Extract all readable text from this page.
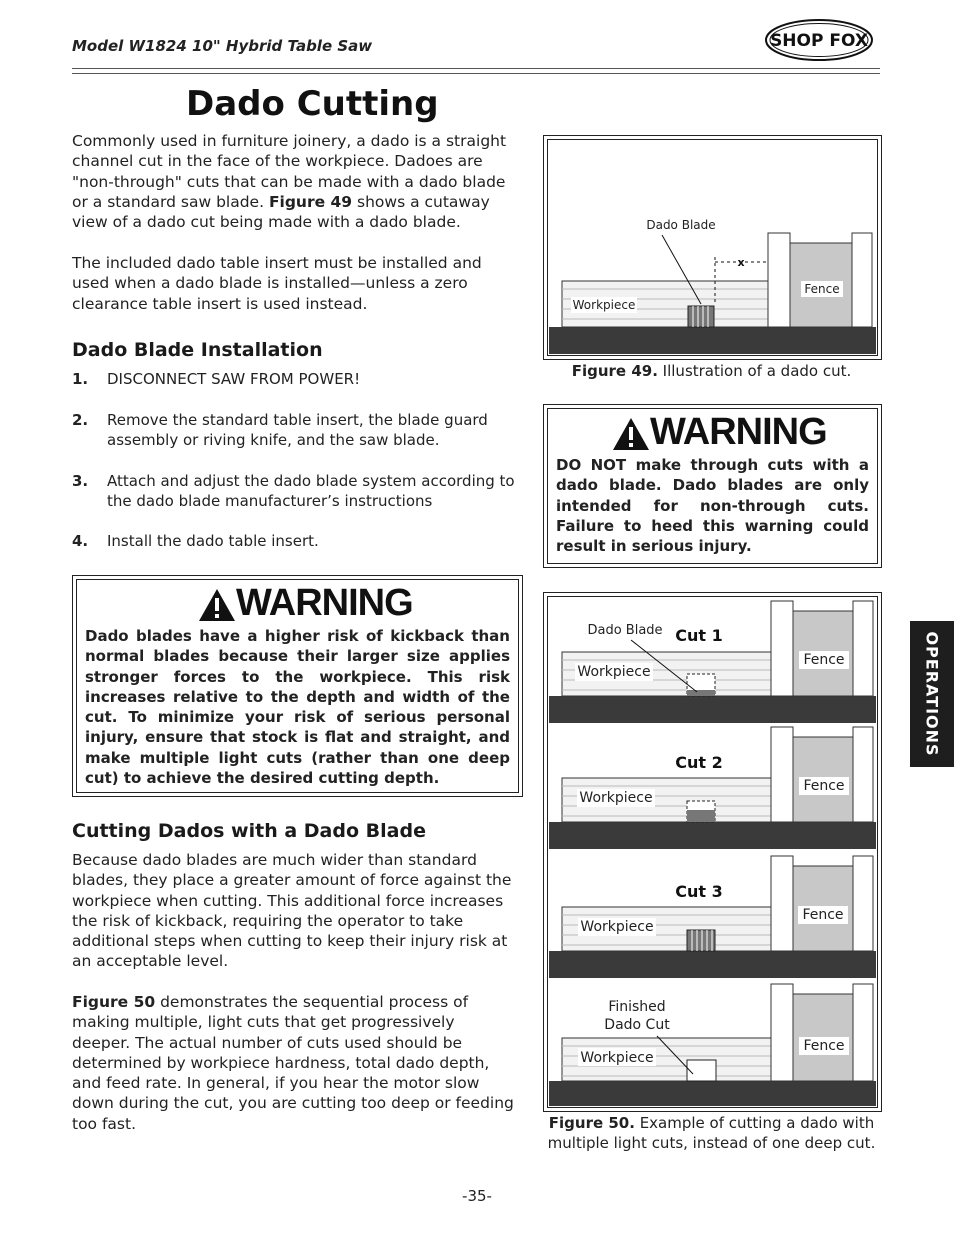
Model W1824 10" Hybrid Table Saw	SHOP FOX
Dado Cutting
Commonly used in furniture joinery, a dado is a straight channel cut in the face of the workpiece. Dadoes are "non-through" cuts that can be made with a dado blade or a standard saw blade. Figure 49 shows a cutaway view of a dado cut being made with a dado blade.
The included dado table insert must be installed and used when a dado blade is installed—unless a zero clearance table insert is used instead.
Dado Blade Installation
1. DISCONNECT SAW FROM POWER!
2. Remove the standard table insert, the blade guard assembly or riving knife, and the saw blade.
3. Attach and adjust the dado blade system according to the dado blade manufacturer’s instructions
4. Install the dado table insert.
WARNING
Dado blades have a higher risk of kickback than normal blades because their larger size applies stronger forces to the workpiece. This risk increases relative to the depth and width of the cut. To minimize your risk of serious personal injury, ensure that stock is flat and straight, and make multiple light cuts (rather than one deep cut) to achieve the desired cutting depth.
Cutting Dados with a Dado Blade
Because dado blades are much wider than standard blades, they place a greater amount of force against the workpiece when cutting. This additional force increases the risk of kickback, requiring the operator to take additional steps when cutting to keep their injury risk at an acceptable level.
Figure 50 demonstrates the sequential process of making multiple, light cuts that get progressively deeper. The actual number of cuts used should be determined by workpiece hardness, total dado depth, and feed rate. In general, if you hear the motor slow down during the cut, you are cutting too deep or feeding too fast.
Dado Blade
x
Fence
Workpiece
Figure 49. Illustration of a dado cut.
WARNING
DO NOT make through cuts with a dado blade. Dado blades are only intended for non-through cuts. Failure to heed this warning could result in serious injury.
Dado Blade Cut 1
Workpiece
Fence
Cut 2
Workpiece
Fence
Cut 3
Workpiece
Fence
Finished
Dado Cut
Workpiece
Fence
Figure 50. Example of cutting a dado with multiple light cuts, instead of one deep cut.
OPERATIONS
-35-
